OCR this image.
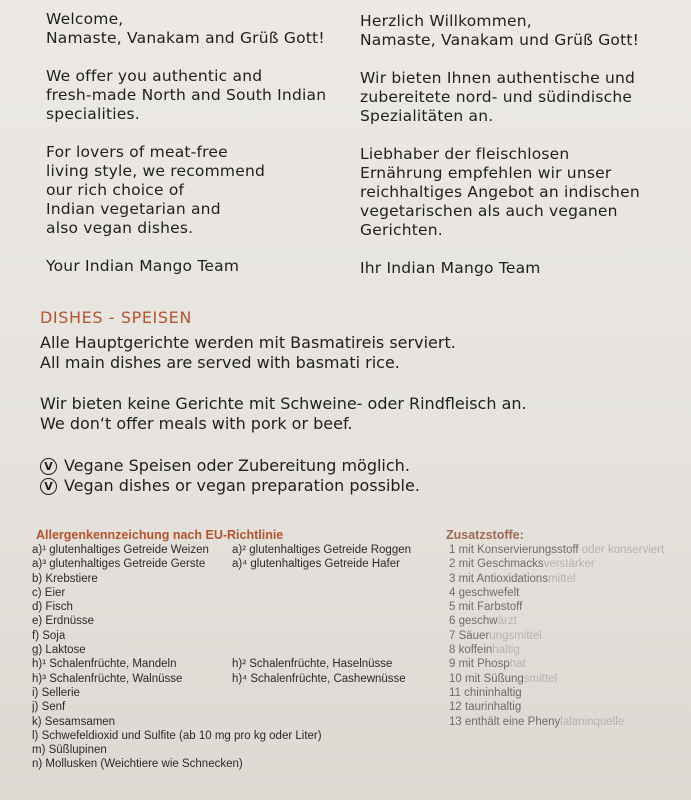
Welcome,
Namaste, Vanakam and Grüß Gott!

We offer you authentic and
fresh-made North and South Indian
specialities.

For lovers of meat-free
living style, we recommend
our rich choice of
Indian vegetarian and
also vegan dishes.

Your Indian Mango Team

Herzlich Willkommen,
Namaste, Vanakam und Grüß Gott!

Wir bieten Ihnen authentische und
zubereitete nord- und südindische
Spezialitäten an.

Liebhaber der fleischlosen
Ernährung empfehlen wir unser
reichhaltiges Angebot an indischen
vegetarischen als auch veganen
Gerichten.

Ihr Indian Mango Team

DISHES - SPEISEN
Alle Hauptgerichte werden mit Basmatireis serviert.
All main dishes are served with basmati rice.
Wir bieten keine Gerichte mit Schweine- oder Rindfleisch an.
We don‘t offer meals with pork or beef.
V Vegane Speisen oder Zubereitung möglich.
V Vegan dishes or vegan preparation possible.
Allergenkennzeichung nach EU-Richtlinie	Zusatzstoffe:
a)¹ glutenhaltiges Getreide Weizen
a)³ glutenhaltiges Getreide Gerste
b) Krebstiere
c) Eier
d) Fisch
e) Erdnüsse
f) Soja
g) Laktose
h)¹ Schalenfrüchte, Mandeln
h)³ Schalenfrüchte, Walnüsse
i) Sellerie
j) Senf
k) Sesamsamen
l) Schwefeldioxid und Sulfite (ab 10 mg pro kg oder Liter)
m) Süßlupinen
n) Mollusken (Weichtiere wie Schnecken)
a)² glutenhaltiges Getreide Roggen
a)⁴ glutenhaltiges Getreide Hafer
h)² Schalenfrüchte, Haselnüsse
h)⁴ Schalenfrüchte, Cashewnüsse
1 mit Konservierungsstoff oder konserviert
2 mit Geschmacksverstärker
3 mit Antioxidationsmittel
4 geschwefelt
5 mit Farbstoff
6 geschwärzt
7 Säuerungsmittel
8 koffeinhaltig
9 mit Phosphat
10 mit Süßungsmittel
11 chininhaltig
12 taurinhaltig
13 enthält eine Phenylalaninquelle
